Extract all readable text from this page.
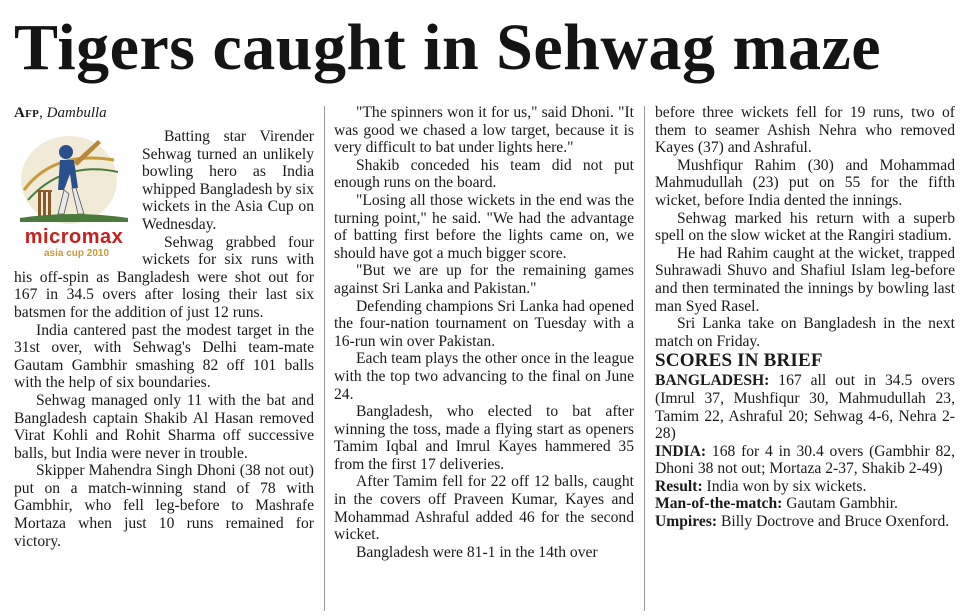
Tigers caught in Sehwag maze
Afp, Dambulla
micromax
asia cup 2010

Batting star Virender Sehwag turned an unlikely bowling hero as India whipped Bangladesh by six wickets in the Asia Cup on Wednesday.

Sehwag grabbed four wickets for six runs with his off-spin as Bangladesh were shot out for 167 in 34.5 overs after losing their last six batsmen for the addition of just 12 runs.

India cantered past the modest target in the 31st over, with Sehwag's Delhi team-mate Gautam Gambhir smashing 82 off 101 balls with the help of six boundaries.

Sehwag managed only 11 with the bat and Bangladesh captain Shakib Al Hasan removed Virat Kohli and Rohit Sharma off successive balls, but India were never in trouble.

Skipper Mahendra Singh Dhoni (38 not out) put on a match-winning stand of 78 with Gambhir, who fell leg-before to Mashrafe Mortaza when just 10 runs remained for victory.

"The spinners won it for us," said Dhoni. "It was good we chased a low target, because it is very difficult to bat under lights here."

Shakib conceded his team did not put enough runs on the board.

"Losing all those wickets in the end was the turning point," he said. "We had the advantage of batting first before the lights came on, we should have got a much bigger score.

"But we are up for the remaining games against Sri Lanka and Pakistan."

Defending champions Sri Lanka had opened the four-nation tournament on Tuesday with a 16-run win over Pakistan.

Each team plays the other once in the league with the top two advancing to the final on June 24.

Bangladesh, who elected to bat after winning the toss, made a flying start as openers Tamim Iqbal and Imrul Kayes hammered 35 from the first 17 deliveries.

After Tamim fell for 22 off 12 balls, caught in the covers off Praveen Kumar, Kayes and Mohammad Ashraful added 46 for the second wicket.

Bangladesh were 81-1 in the 14th over

before three wickets fell for 19 runs, two of them to seamer Ashish Nehra who removed Kayes (37) and Ashraful.

Mushfiqur Rahim (30) and Mohammad Mahmudullah (23) put on 55 for the fifth wicket, before India dented the innings.

Sehwag marked his return with a superb spell on the slow wicket at the Rangiri stadium.

He had Rahim caught at the wicket, trapped Suhrawadi Shuvo and Shafiul Islam leg-before and then terminated the innings by bowling last man Syed Rasel.

Sri Lanka take on Bangladesh in the next match on Friday.

SCORES IN BRIEF

BANGLADESH: 167 all out in 34.5 overs (Imrul 37, Mushfiqur 30, Mahmudullah 23, Tamim 22, Ashraful 20; Sehwag 4-6, Nehra 2-28)

INDIA: 168 for 4 in 30.4 overs (Gambhir 82, Dhoni 38 not out; Mortaza 2-37, Shakib 2-49)

Result: India won by six wickets.

Man-of-the-match: Gautam Gambhir.

Umpires: Billy Doctrove and Bruce Oxenford.
